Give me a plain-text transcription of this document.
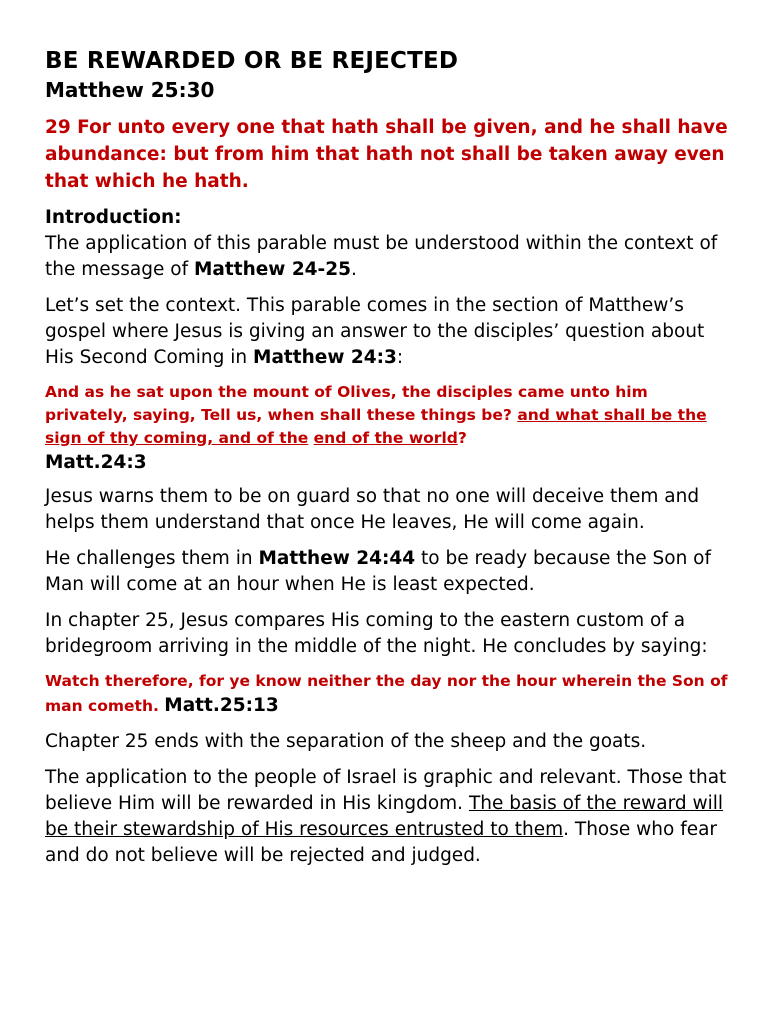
BE REWARDED OR BE REJECTED
Matthew 25:30

29 For unto every one that hath shall be given, and he shall have abundance: but from him that hath not shall be taken away even that which he hath.

Introduction:

The application of this parable must be understood within the context of the message of Matthew 24-25.

Let’s set the context. This parable comes in the section of Matthew’s gospel where Jesus is giving an answer to the disciples’ question about His Second Coming in Matthew 24:3:

And as he sat upon the mount of Olives, the disciples came unto him privately, saying, Tell us, when shall these things be? and what shall be the sign of thy coming, and of the end of the world?

Matt.24:3

Jesus warns them to be on guard so that no one will deceive them and helps them understand that once He leaves, He will come again.

He challenges them in Matthew 24:44 to be ready because the Son of Man will come at an hour when He is least expected.

In chapter 25, Jesus compares His coming to the eastern custom of a bridegroom arriving in the middle of the night. He concludes by saying:

Watch therefore, for ye know neither the day nor the hour wherein the Son of man cometh. Matt.25:13

Chapter 25 ends with the separation of the sheep and the goats.

The application to the people of Israel is graphic and relevant. Those that believe Him will be rewarded in His kingdom. The basis of the reward will be their stewardship of His resources entrusted to them. Those who fear and do not believe will be rejected and judged.
